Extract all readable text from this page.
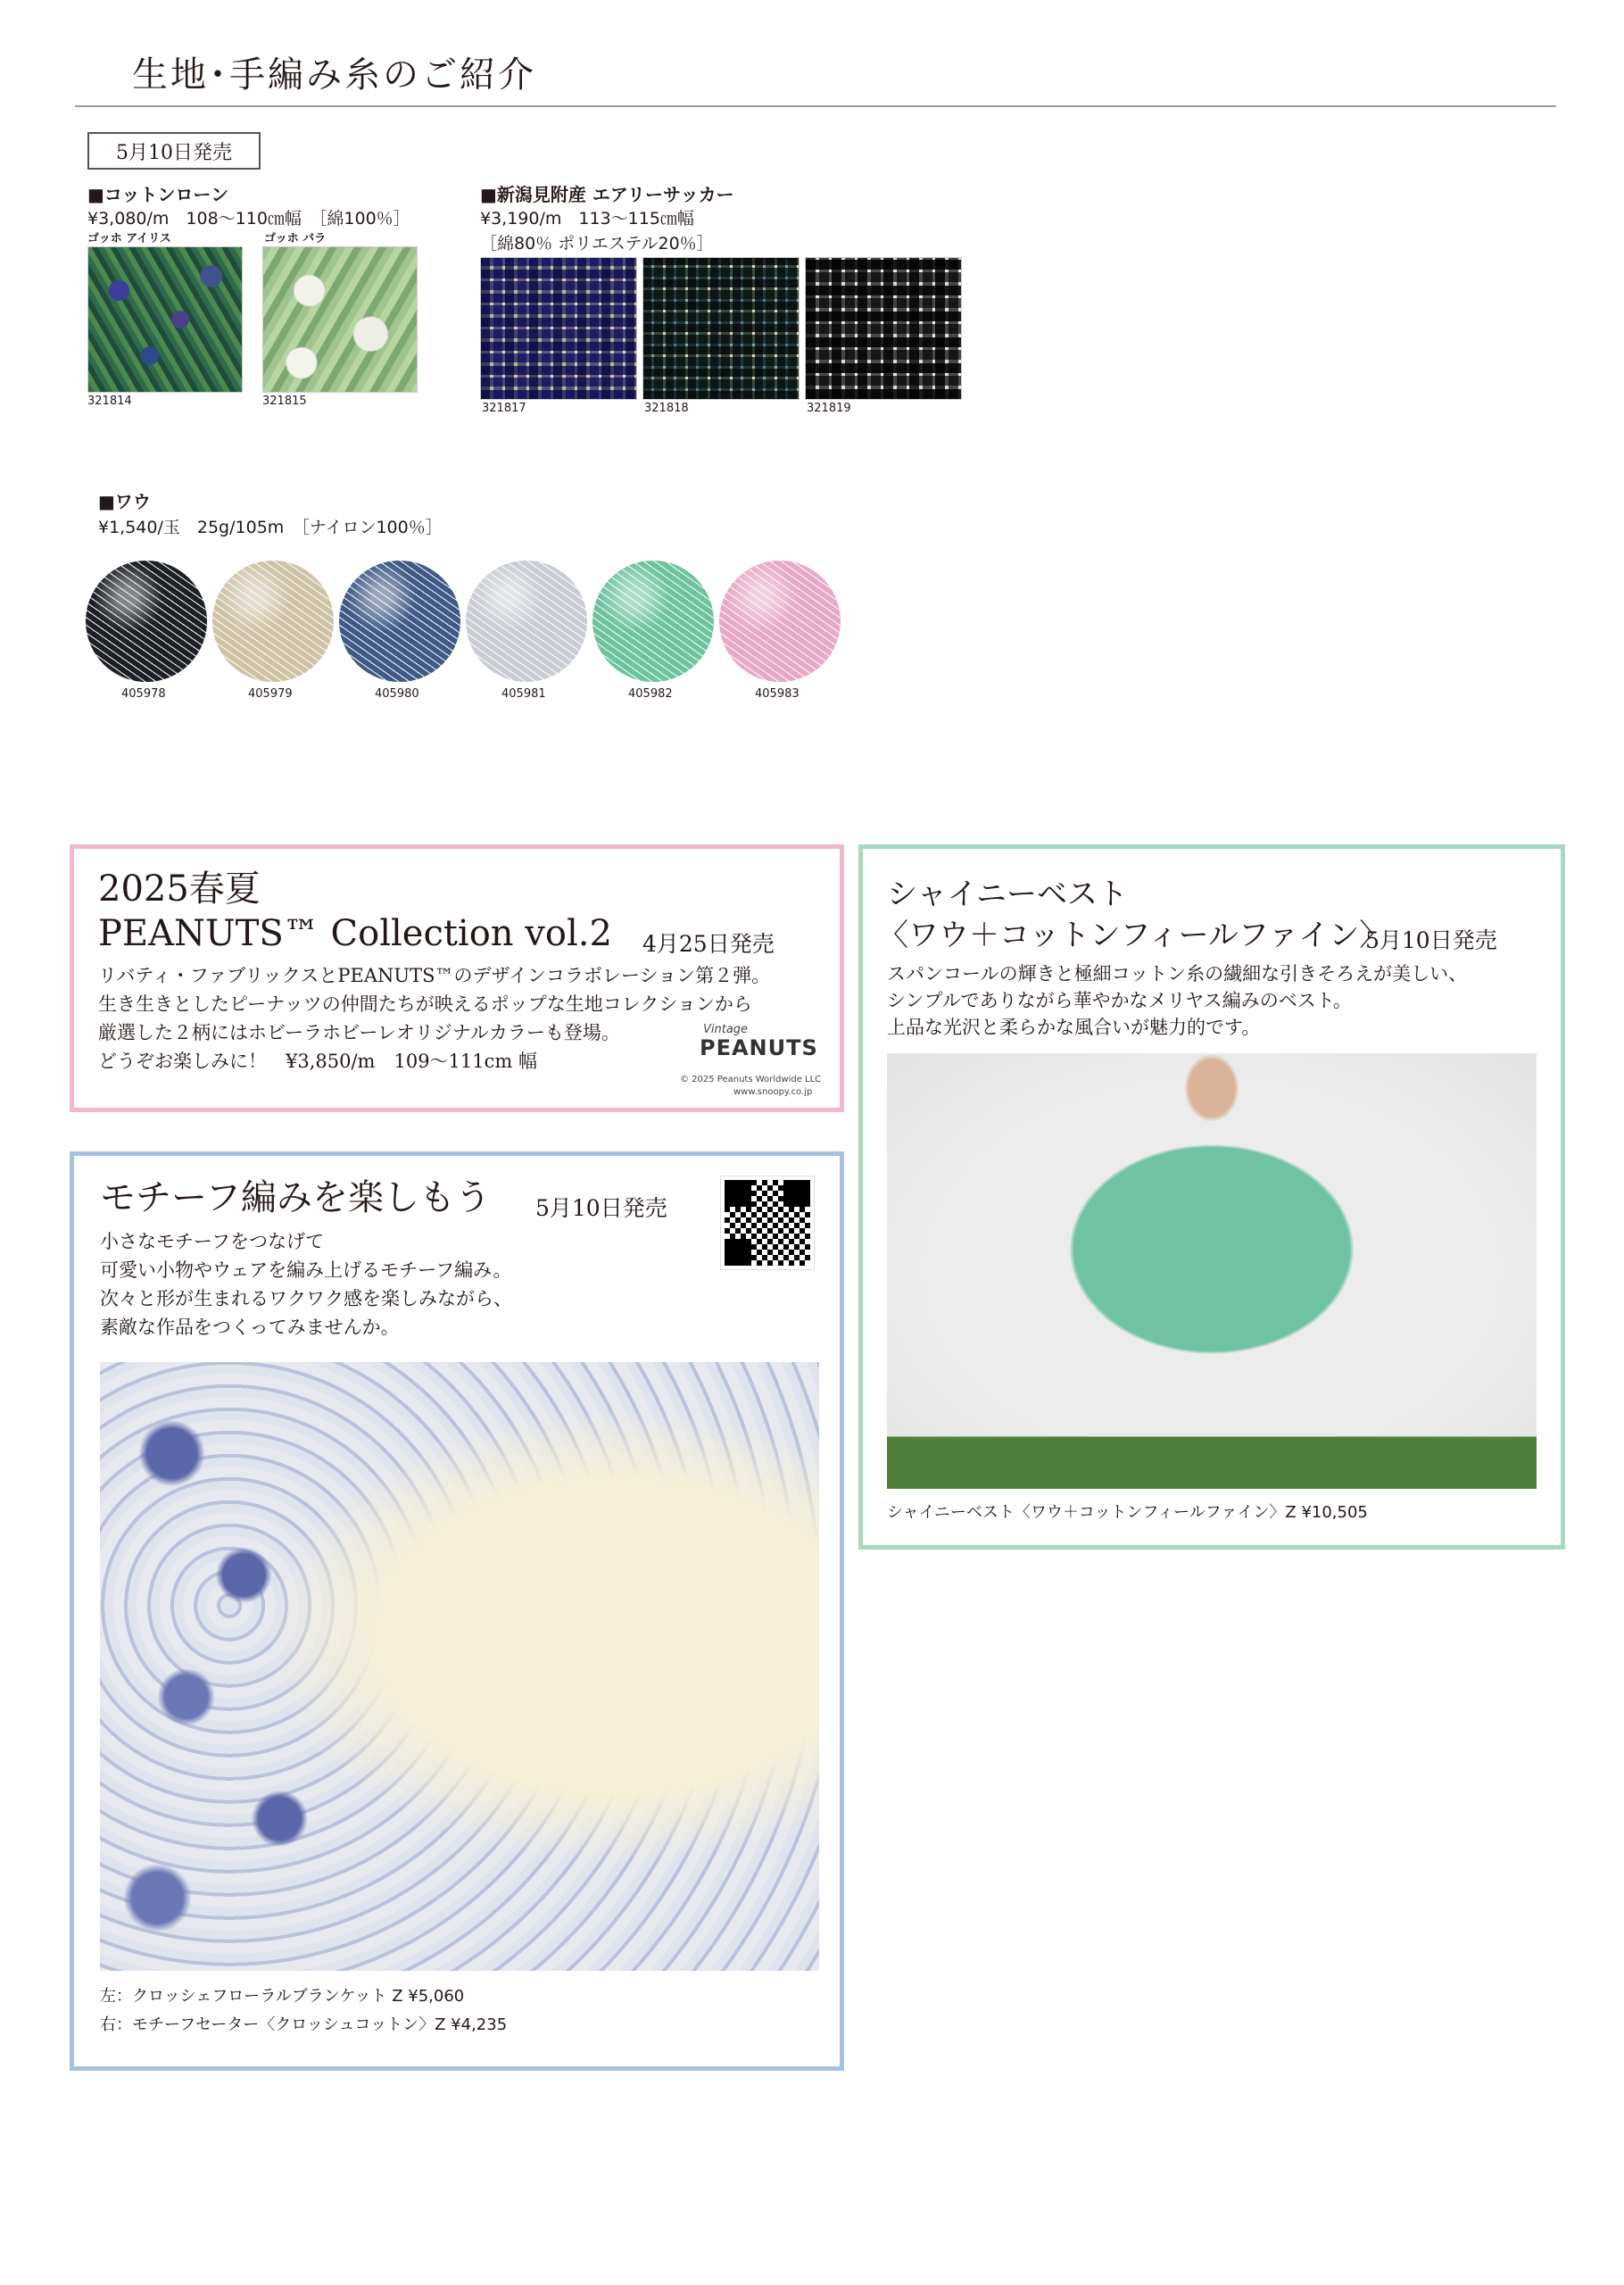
生地･手編み糸のご紹介
5月10日発売
■コットンローン
¥3,080/m　108〜110㎝幅　［綿100％］
ゴッホ アイリス	ゴッホ バラ
321814	321815
■新潟見附産 エアリーサッカー
¥3,190/m　113〜115㎝幅
［綿80％ ポリエステル20％］
321817	321818	321819
■ワウ
¥1,540/玉　25g/105m　［ナイロン100％］
405978	405979	405980	405981	405982	405983
2025春夏
PEANUTS™ Collection vol.2 4月25日発売
リバティ・ファブリックスとPEANUTS™のデザインコラボレーション第２弾。
生き生きとしたピーナッツの仲間たちが映えるポップな生地コレクションから
厳選した２柄にはホビーラホビーレオリジナルカラーも登場。
どうぞお楽しみに！　¥3,850/m　109〜111cm 幅
Vintage
PEANUTS
© 2025 Peanuts Worldwide LLC
www.snoopy.co.jp
モチーフ編みを楽しもう 5月10日発売
小さなモチーフをつなげて
可愛い小物やウェアを編み上げるモチーフ編み。
次々と形が生まれるワクワク感を楽しみながら、
素敵な作品をつくってみませんか。
左：クロッシェフローラルブランケット Z ¥5,060
右：モチーフセーター〈クロッシュコットン〉Z ¥4,235
シャイニーベスト
〈ワウ＋コットンフィールファイン〉
5月10日発売
スパンコールの輝きと極細コットン糸の繊細な引きそろえが美しい、
シンプルでありながら華やかなメリヤス編みのベスト。
上品な光沢と柔らかな風合いが魅力的です。
シャイニーベスト〈ワウ＋コットンフィールファイン〉Z ¥10,505
